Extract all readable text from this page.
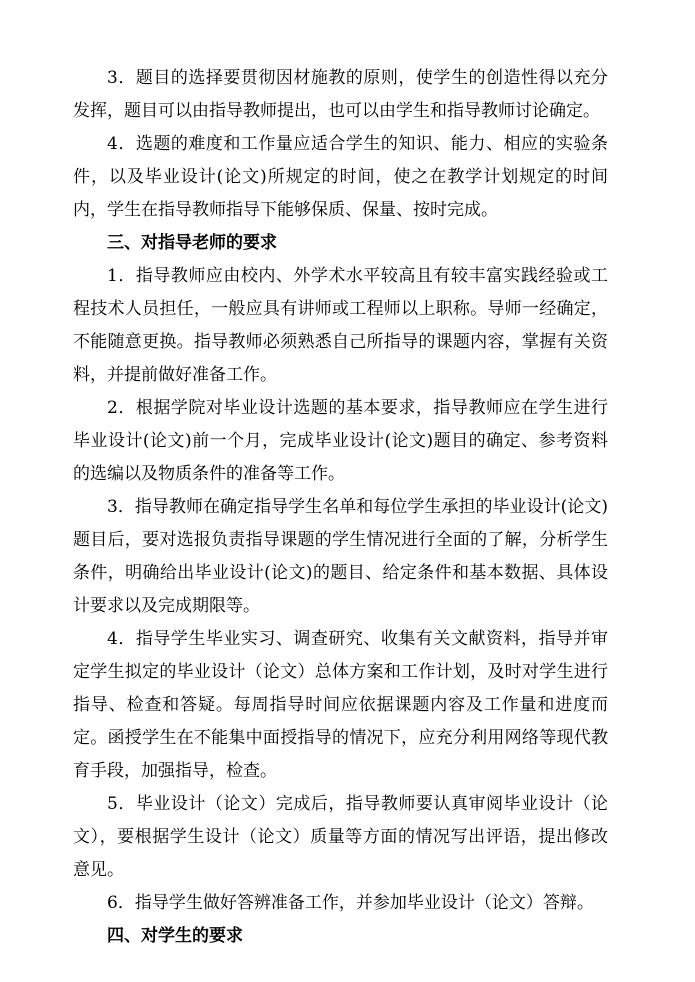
3．题目的选择要贯彻因材施教的原则，使学生的创造性得以充分发挥，题目可以由指导教师提出，也可以由学生和指导教师讨论确定。

4．选题的难度和工作量应适合学生的知识、能力、相应的实验条件，以及毕业设计(论文)所规定的时间，使之在教学计划规定的时间内，学生在指导教师指导下能够保质、保量、按时完成。

三、对指导老师的要求

1．指导教师应由校内、外学术水平较高且有较丰富实践经验或工程技术人员担任，一般应具有讲师或工程师以上职称。导师一经确定，不能随意更换。指导教师必须熟悉自己所指导的课题内容，掌握有关资料，并提前做好准备工作。

2．根据学院对毕业设计选题的基本要求，指导教师应在学生进行毕业设计(论文)前一个月，完成毕业设计(论文)题目的确定、参考资料的选编以及物质条件的准备等工作。

3．指导教师在确定指导学生名单和每位学生承担的毕业设计(论文)题目后，要对选报负责指导课题的学生情况进行全面的了解，分析学生条件，明确给出毕业设计(论文)的题目、给定条件和基本数据、具体设计要求以及完成期限等。

4．指导学生毕业实习、调查研究、收集有关文献资料，指导并审定学生拟定的毕业设计（论文）总体方案和工作计划，及时对学生进行指导、检查和答疑。每周指导时间应依据课题内容及工作量和进度而定。函授学生在不能集中面授指导的情况下，应充分利用网络等现代教育手段，加强指导，检查。

5．毕业设计（论文）完成后，指导教师要认真审阅毕业设计（论文），要根据学生设计（论文）质量等方面的情况写出评语，提出修改意见。

6．指导学生做好答辨准备工作，并参加毕业设计（论文）答辩。

四、对学生的要求
